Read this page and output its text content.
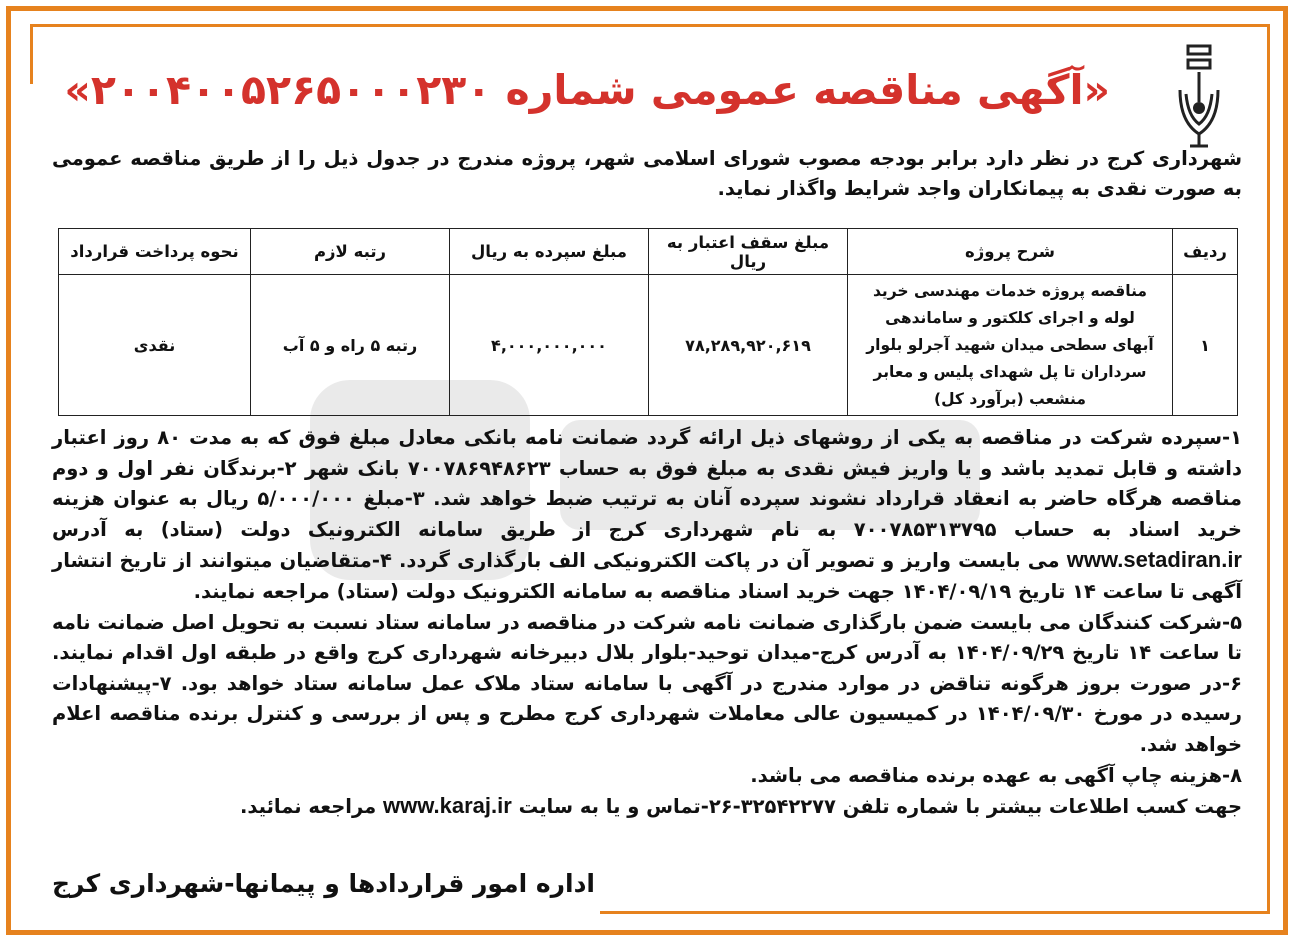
«آگهی مناقصه عمومی شماره ۲۰۰۴۰۰۵۲۶۵۰۰۰۲۳۰»
شهرداری کرج در نظر دارد برابر بودجه مصوب شورای اسلامی شهر، پروژه مندرج در جدول ذیل را از طریق مناقصه عمومی به صورت نقدی به پیمانکاران واجد شرایط واگذار نماید.
ردیف	شرح پروژه	مبلغ سقف اعتبار به ریال	مبلغ سپرده به ریال	رتبه لازم	نحوه پرداخت قرارداد
۱	مناقصه پروژه خدمات مهندسی خرید لوله و اجرای کلکتور و ساماندهی آبهای سطحی میدان شهید آجرلو بلوار سرداران تا پل شهدای پلیس و معابر منشعب (برآورد کل)	۷۸,۲۸۹,۹۲۰,۶۱۹	۴,۰۰۰,۰۰۰,۰۰۰	رتبه ۵ راه و ۵ آب	نقدی

۱-سپرده شرکت در مناقصه به یکی از روشهای ذیل ارائه گردد ضمانت نامه بانکی معادل مبلغ فوق که به مدت ۸۰ روز اعتبار داشته و قابل تمدید باشد و یا واریز فیش نقدی به مبلغ فوق به حساب ۷۰۰۷۸۶۹۴۸۶۲۳ بانک شهر ۲-برندگان نفر اول و دوم مناقصه هرگاه حاضر به انعقاد قرارداد نشوند سپرده آنان به ترتیب ضبط خواهد شد. ۳-مبلغ ۵/۰۰۰/۰۰۰ ریال به عنوان هزینه خرید اسناد به حساب ۷۰۰۷۸۵۳۱۳۷۹۵ به نام شهرداری کرج از طریق سامانه الکترونیک دولت (ستاد) به آدرس www.setadiran.ir می بایست واریز و تصویر آن در پاکت الکترونیکی الف بارگذاری گردد. ۴-متقاضیان میتوانند از تاریخ انتشار آگهی تا ساعت ۱۴ تاریخ ۱۴۰۴/۰۹/۱۹ جهت خرید اسناد مناقصه به سامانه الکترونیک دولت (ستاد) مراجعه نمایند.

۵-شرکت کنندگان می بایست ضمن بارگذاری ضمانت نامه شرکت در مناقصه در سامانه ستاد نسبت به تحویل اصل ضمانت نامه تا ساعت ۱۴ تاریخ ۱۴۰۴/۰۹/۲۹ به آدرس کرج-میدان توحید-بلوار بلال دبیرخانه شهرداری کرج واقع در طبقه اول اقدام نمایند. ۶-در صورت بروز هرگونه تناقض در موارد مندرج در آگهی با سامانه ستاد ملاک عمل سامانه ستاد خواهد بود. ۷-پیشنهادات رسیده در مورخ ۱۴۰۴/۰۹/۳۰ در کمیسیون عالی معاملات شهرداری کرج مطرح و پس از بررسی و کنترل برنده مناقصه اعلام خواهد شد.

۸-هزینه چاپ آگهی به عهده برنده مناقصه می باشد.

جهت کسب اطلاعات بیشتر با شماره تلفن ۳۲۵۴۲۲۷۷-۲۶-تماس و یا به سایت www.karaj.ir مراجعه نمائید.

اداره امور قراردادها و پیمانها-شهرداری کرج
